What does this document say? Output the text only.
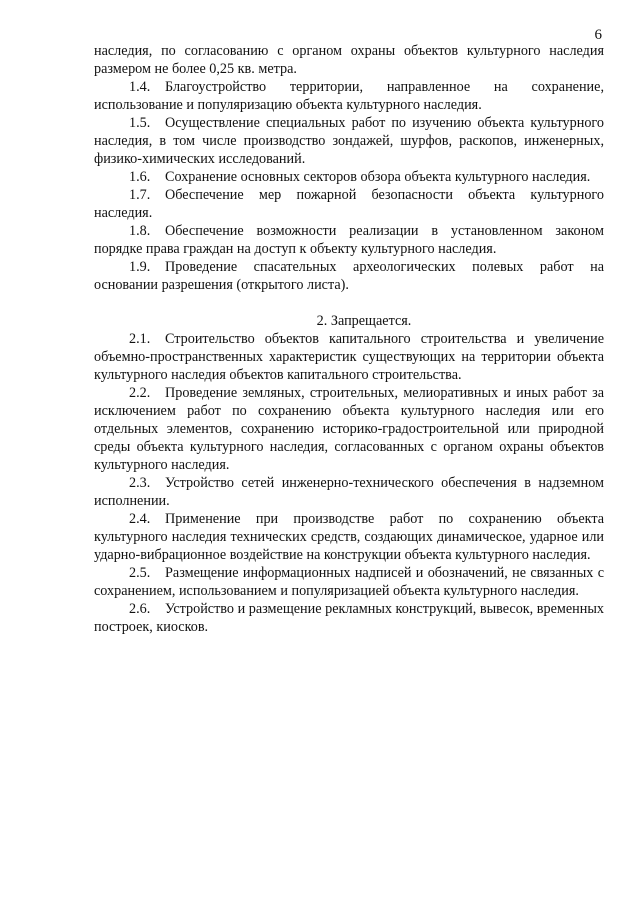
6

наследия, по согласованию с органом охраны объектов культурного наследия размером не более 0,25 кв. метра.

1.4. Благоустройство территории, направленное на сохранение, использование и популяризацию объекта культурного наследия.

1.5. Осуществление специальных работ по изучению объекта культурного наследия, в том числе производство зондажей, шурфов, раскопов, инженерных, физико-химических исследований.

1.6. Сохранение основных секторов обзора объекта культурного наследия.

1.7. Обеспечение мер пожарной безопасности объекта культурного наследия.

1.8. Обеспечение возможности реализации в установленном законом порядке права граждан на доступ к объекту культурного наследия.

1.9. Проведение спасательных археологических полевых работ на основании разрешения (открытого листа).

2. Запрещается.

2.1. Строительство объектов капитального строительства и увеличение объемно-пространственных характеристик существующих на территории объекта культурного наследия объектов капитального строительства.

2.2. Проведение земляных, строительных, мелиоративных и иных работ за исключением работ по сохранению объекта культурного наследия или его отдельных элементов, сохранению историко-градостроительной или природной среды объекта культурного наследия, согласованных с органом охраны объектов культурного наследия.

2.3. Устройство сетей инженерно-технического обеспечения в надземном исполнении.

2.4. Применение при производстве работ по сохранению объекта культурного наследия технических средств, создающих динамическое, ударное или ударно-вибрационное воздействие на конструкции объекта культурного наследия.

2.5. Размещение информационных надписей и обозначений, не связанных с сохранением, использованием и популяризацией объекта культурного наследия.

2.6. Устройство и размещение рекламных конструкций, вывесок, временных построек, киосков.
